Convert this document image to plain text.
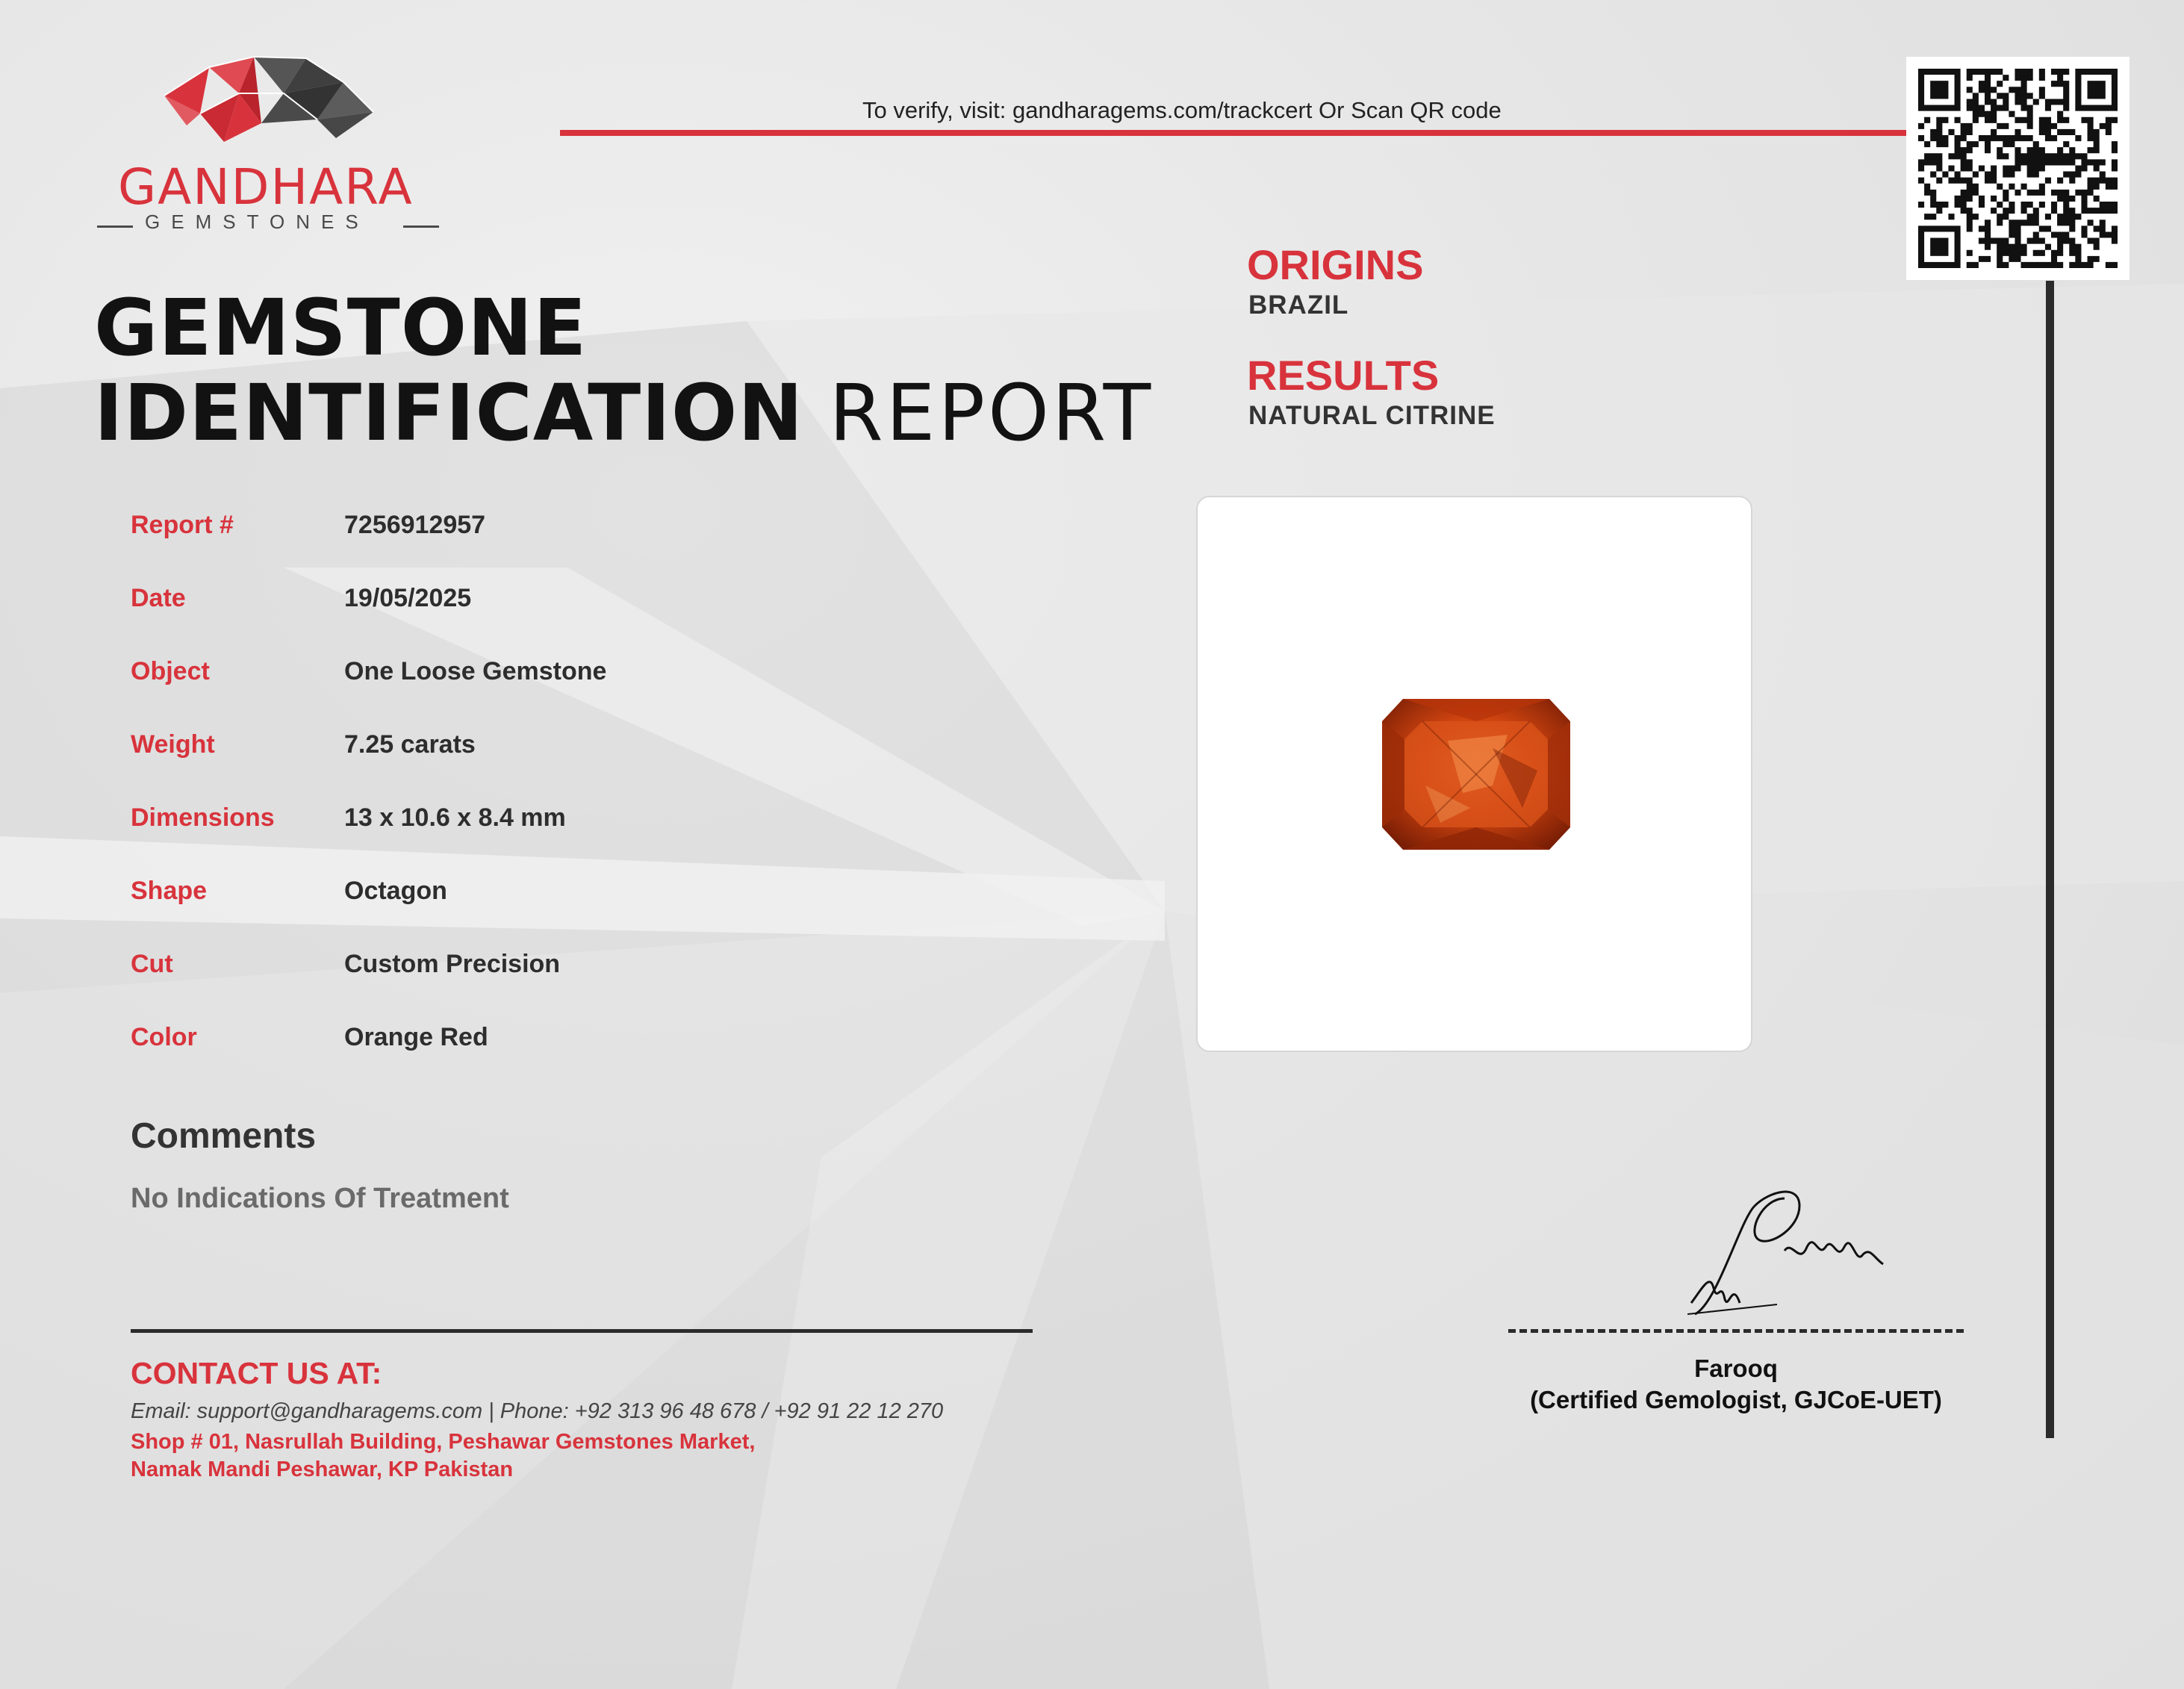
GANDHARA
GEMSTONES
To verify, visit: gandharagems.com/trackcert Or Scan QR code
GEMSTONE
IDENTIFICATION REPORT
Report #	7256912957
Date	19/05/2025
Object	One Loose Gemstone
Weight	7.25 carats
Dimensions	13 x 10.6 x 8.4 mm
Shape	Octagon
Cut	Custom Precision
Color	Orange Red
Comments
No Indications Of Treatment
CONTACT US AT:
Email: support@gandharagems.com | Phone: +92 313 96 48 678 / +92 91 22 12 270
Shop # 01, Nasrullah Building, Peshawar Gemstones Market,
Namak Mandi Peshawar, KP Pakistan
ORIGINS
BRAZIL
RESULTS
NATURAL CITRINE
Farooq
(Certified Gemologist, GJCoE-UET)
